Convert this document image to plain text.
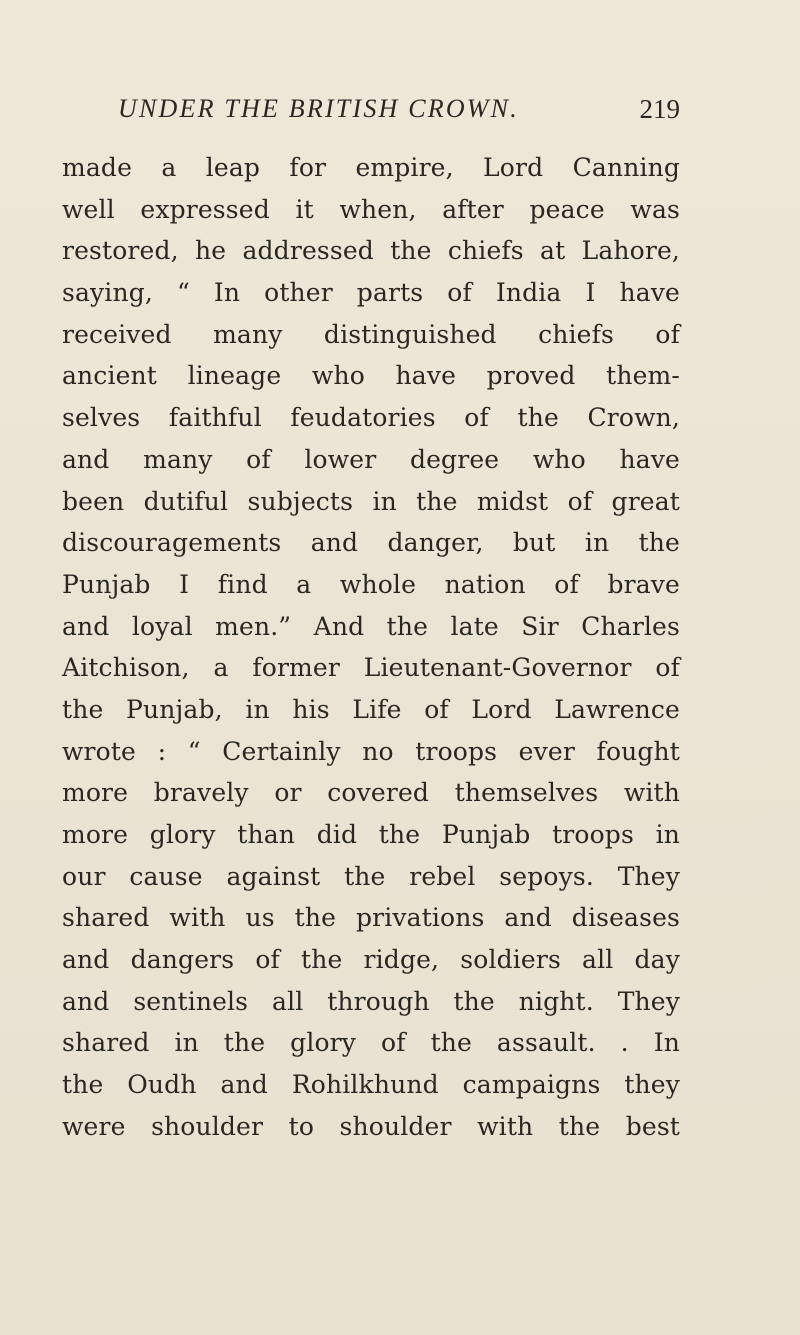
UNDER THE BRITISH CROWN.	219
made a leap for empire, Lord Canning
well expressed it when, after peace was
restored, he addressed the chiefs at Lahore,
saying, “ In other parts of India I have
received many distinguished chiefs of
ancient lineage who have proved them-
selves faithful feudatories of the Crown,
and many of lower degree who have
been dutiful subjects in the midst of great
discouragements and danger, but in the
Punjab I find a whole nation of brave
and loyal men.” And the late Sir Charles
Aitchison, a former Lieutenant-Governor of
the Punjab, in his Life of Lord Lawrence
wrote : “ Certainly no troops ever fought
more bravely or covered themselves with
more glory than did the Punjab troops in
our cause against the rebel sepoys. They
shared with us the privations and diseases
and dangers of the ridge, soldiers all day
and sentinels all through the night. They
shared in the glory of the assault. . In
the Oudh and Rohilkhund campaigns they
were shoulder to shoulder with the best
